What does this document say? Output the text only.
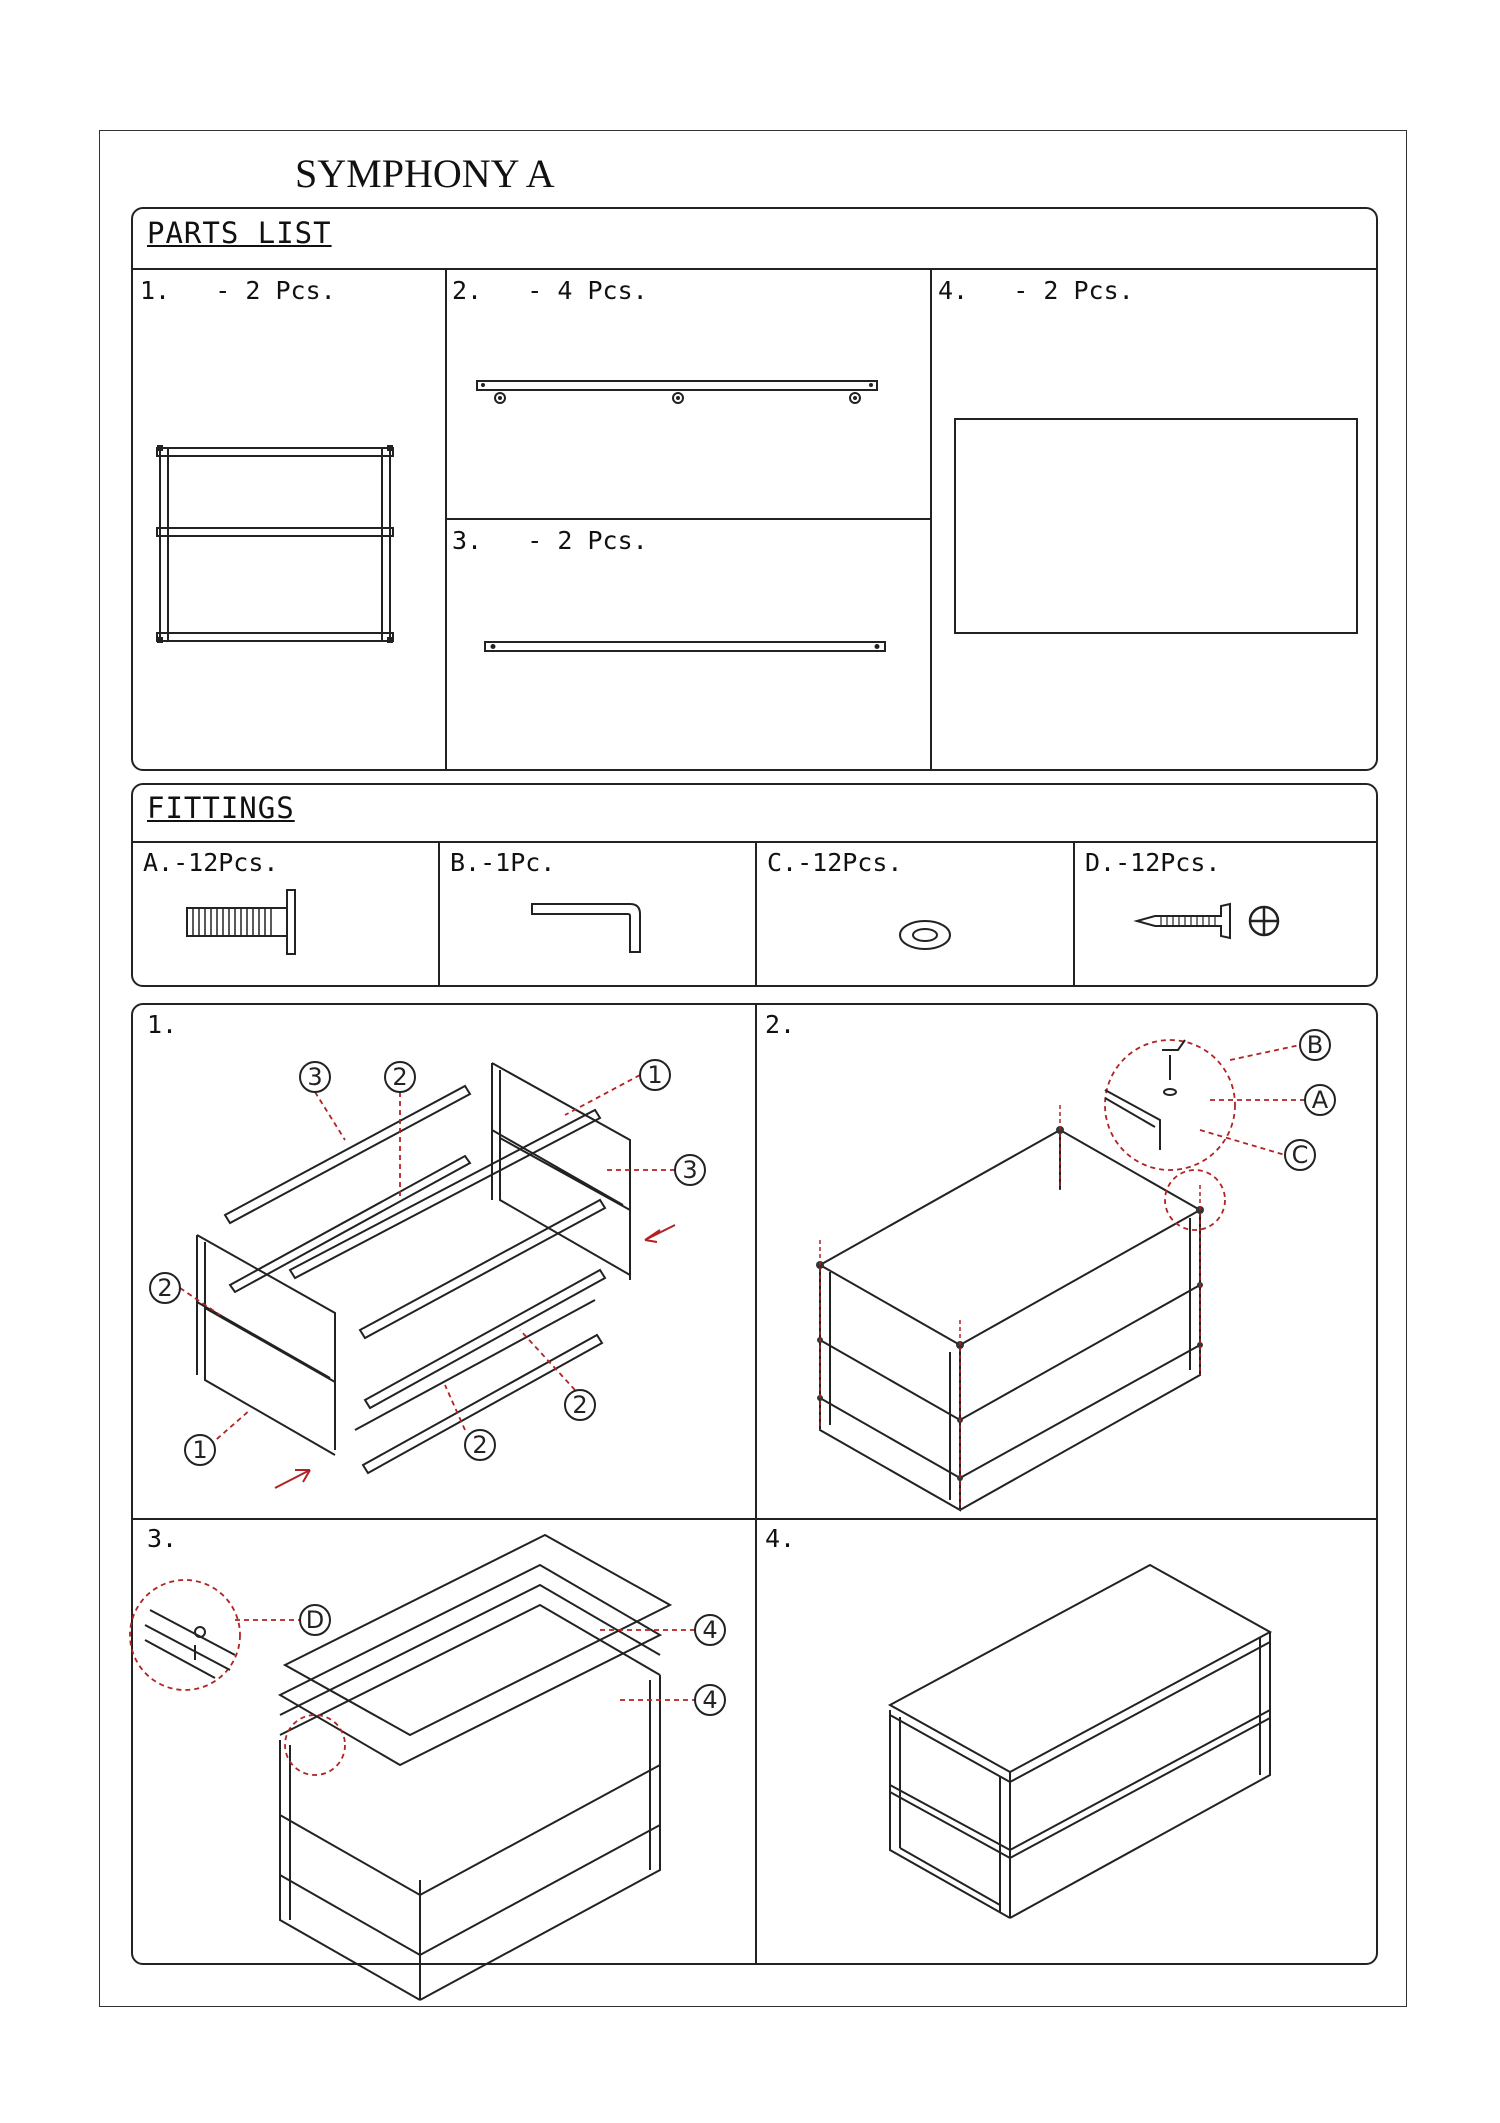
SYMPHONY A
PARTS LIST
1.   - 2 Pcs.	2.   - 4 Pcs.
3.   - 2 Pcs.
4.   - 2 Pcs.
FITTINGS
A.-12Pcs.	B.-1Pc.	C.-12Pcs.	D.-12Pcs.
1.	2.
3.	4.
3	2	1
3
2
1	2
2
B
A
C
D	4
4
